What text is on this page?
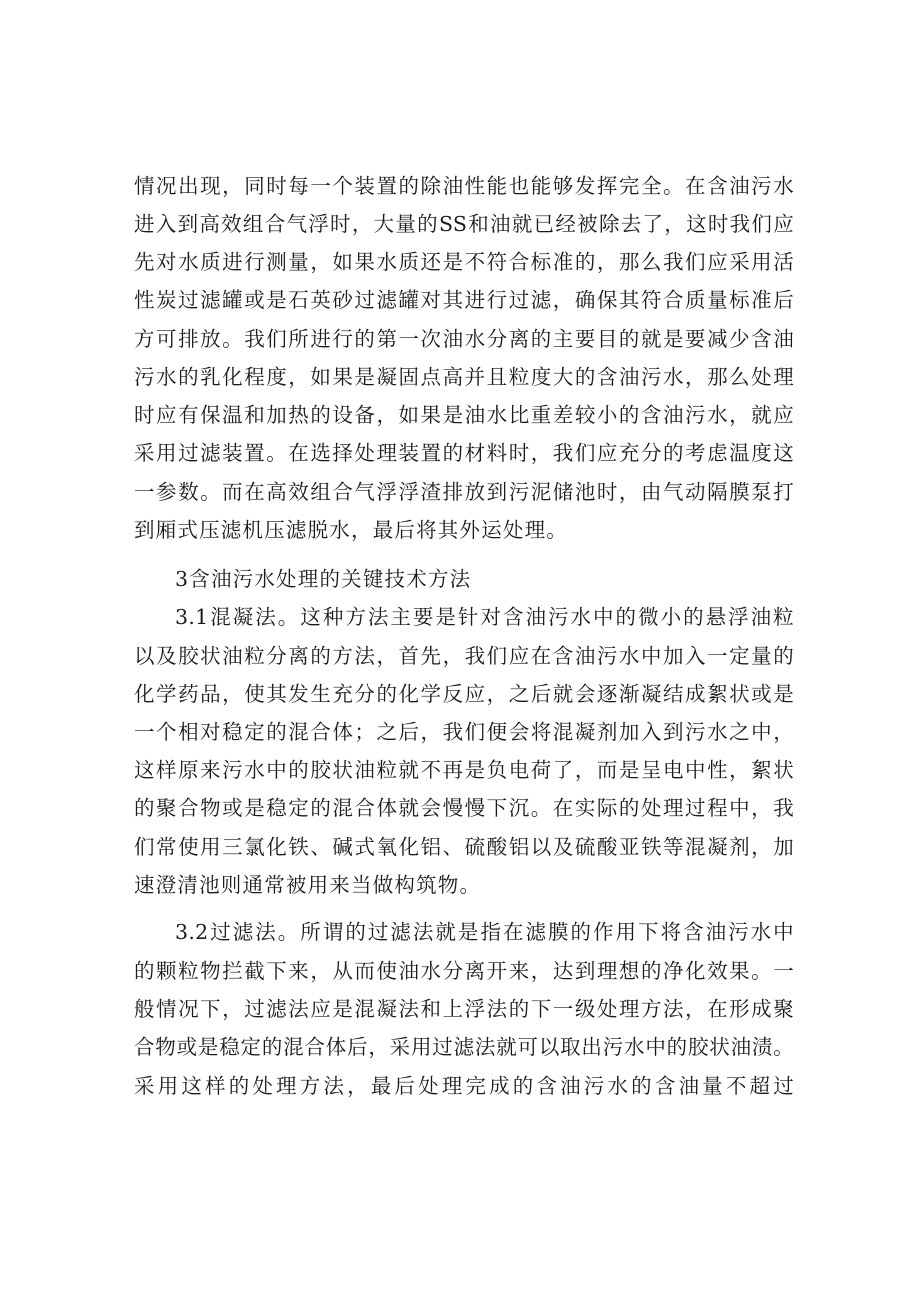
情况出现，同时每一个装置的除油性能也能够发挥完全。在含油污水
进入到高效组合气浮时，大量的SS和油就已经被除去了，这时我们应
先对水质进行测量，如果水质还是不符合标准的，那么我们应采用活
性炭过滤罐或是石英砂过滤罐对其进行过滤，确保其符合质量标准后
方可排放。我们所进行的第一次油水分离的主要目的就是要减少含油
污水的乳化程度，如果是凝固点高并且粒度大的含油污水，那么处理
时应有保温和加热的设备，如果是油水比重差较小的含油污水，就应
采用过滤装置。在选择处理装置的材料时，我们应充分的考虑温度这
一参数。而在高效组合气浮浮渣排放到污泥储池时，由气动隔膜泵打
到厢式压滤机压滤脱水，最后将其外运处理。
3含油污水处理的关键技术方法
3.1混凝法。这种方法主要是针对含油污水中的微小的悬浮油粒
以及胶状油粒分离的方法，首先，我们应在含油污水中加入一定量的
化学药品，使其发生充分的化学反应，之后就会逐渐凝结成絮状或是
一个相对稳定的混合体；之后，我们便会将混凝剂加入到污水之中，
这样原来污水中的胶状油粒就不再是负电荷了，而是呈电中性，絮状
的聚合物或是稳定的混合体就会慢慢下沉。在实际的处理过程中，我
们常使用三氯化铁、碱式氧化铝、硫酸铝以及硫酸亚铁等混凝剂，加
速澄清池则通常被用来当做构筑物。
3.2过滤法。所谓的过滤法就是指在滤膜的作用下将含油污水中
的颗粒物拦截下来，从而使油水分离开来，达到理想的净化效果。一
般情况下，过滤法应是混凝法和上浮法的下一级处理方法，在形成聚
合物或是稳定的混合体后，采用过滤法就可以取出污水中的胶状油渍。
采用这样的处理方法，最后处理完成的含油污水的含油量不超过
